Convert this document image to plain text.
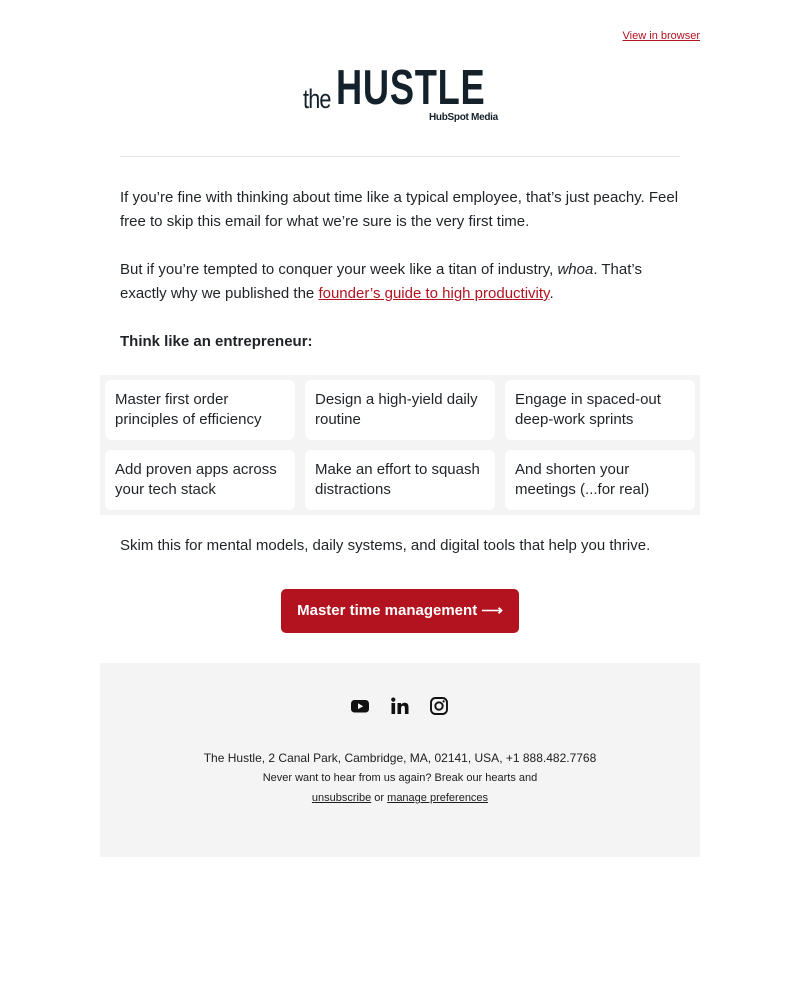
View in browser
the HUSTLE
HubSpot Media

If you’re fine with thinking about time like a typical employee, that’s just peachy. Feel free to skip this email for what we’re sure is the very first time.

But if you’re tempted to conquer your week like a titan of industry, whoa. That’s exactly why we published the founder’s guide to high productivity.

Think like an entrepreneur:

Master first order principles of efficiency
Design a high-yield daily routine
Engage in spaced-out deep-work sprints
Add proven apps across your tech stack
Make an effort to squash distractions
And shorten your meetings (...for real)

Skim this for mental models, daily systems, and digital tools that help you thrive.

Master time management ⟶
The Hustle, 2 Canal Park, Cambridge, MA, 02141, USA, +1 888.482.7768
Never want to hear from us again? Break our hearts and
unsubscribe or manage preferences
